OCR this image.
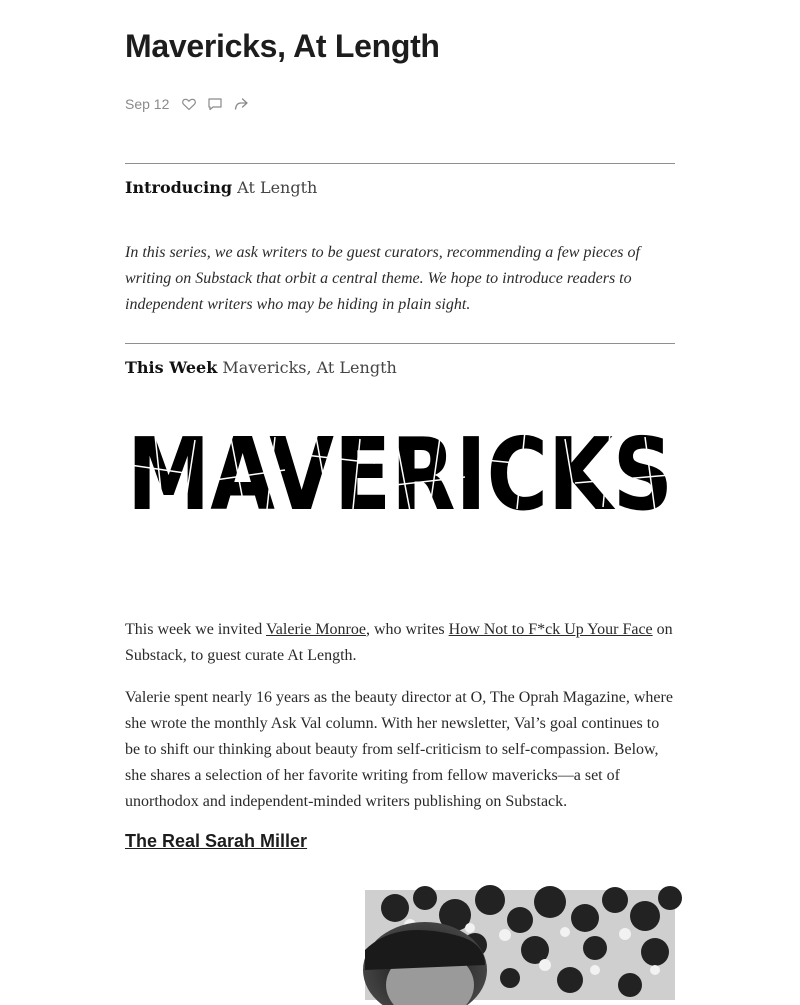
Mavericks, At Length
Sep 12
Introducing At Length

In this series, we ask writers to be guest curators, recommending a few pieces of writing on Substack that orbit a central theme. We hope to introduce readers to independent writers who may be hiding in plain sight.

This Week Mavericks, At Length
MAVERICKS

This week we invited Valerie Monroe, who writes How Not to F*ck Up Your Face on Substack, to guest curate At Length.

Valerie spent nearly 16 years as the beauty director at O, The Oprah Magazine, where she wrote the monthly Ask Val column. With her newsletter, Val’s goal continues to be to shift our thinking about beauty from self-criticism to self-compassion. Below, she shares a selection of her favorite writing from fellow mavericks—a set of unorthodox and independent-minded writers publishing on Substack.

The Real Sarah Miller
